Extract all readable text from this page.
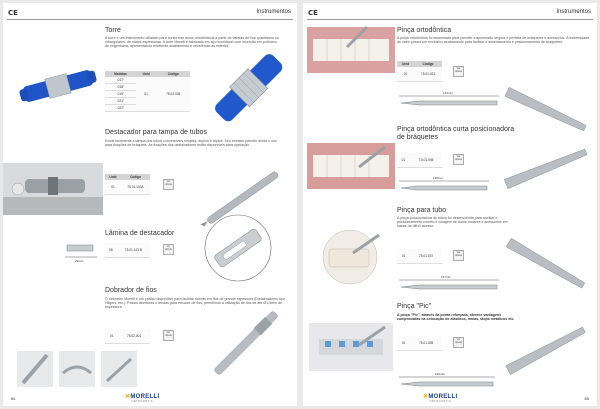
CE	Instrumentos
Torre
A torre é um instrumento utilizado para conformar arcos ortodônticos a partir de varetas de fios quadrados ou retangulares, de vários espessuras. A torre Morelli é fabricada em aço inoxidável com inserção em polímero de engenharia, apresentando excelente acabamento e resistência às esteriliz.
Medidas	Unid	Código
.017"	01	75.02.005
.018"		
.019"		
.021"		
.022"		
Destacador para tampa de tubos
Extrai facilmente a tampa dos tubos conversíveis simples, duplos e triplos. Seu encaixe permite ainda o uso para fixações de bráquete. As fixações dos destacadores estão disponíveis para operação.
Unid	Código
01	75.01.143A
Ver tabela
Lâmina de destacador
29mm
06	75.01.143 B
Ver tabela
Dobrador de fios
O dobrador Morelli é um prático dispositivo para facilitar dobras em fios de grande espessura (Distalizadores tipo Hilgers, etc.). Possui aberturas e fendas para encaixe de fios, permitindo a utilização de fios de até Ø1,5mm de espessura.
01	75.02.001
Ver tabela
84	✕MORELLI
ORTODONTIA
CE	Instrumentos
Pinça ortodôntica
A pinça ortodôntica foi desenhada para permitir a apreensão segura e perfeita de bráquetes e acessórios. A extremidade de cabo possui um exclusivo acabamento para facilitar o assentamento e posicionamento de bráquetes.
Unid	Código
01	75.01.023
Ver tabela
142mm
Pinça ortodôntica curta posicionadora
de bráquetes
01	7.5.01.946
Ver tabela
118mm
Pinça para tubo
A pinça posicionadora de tubos foi desenvolvida para auxiliar o posicionamento correto e colagem de tubos molares e acessórios em bases de difícil acesso.
01	75.01.037
Ver tabela
137mm
Pinça "Pic"
A pinça "Pic", através da ponta reforçada, oferece vantagens comprovadas na colocação de elásticos, molas, stops metálicos etc.
01	75.01.028
Ver tabela
130mm
✕MORELLI
ORTODONTIA
85
